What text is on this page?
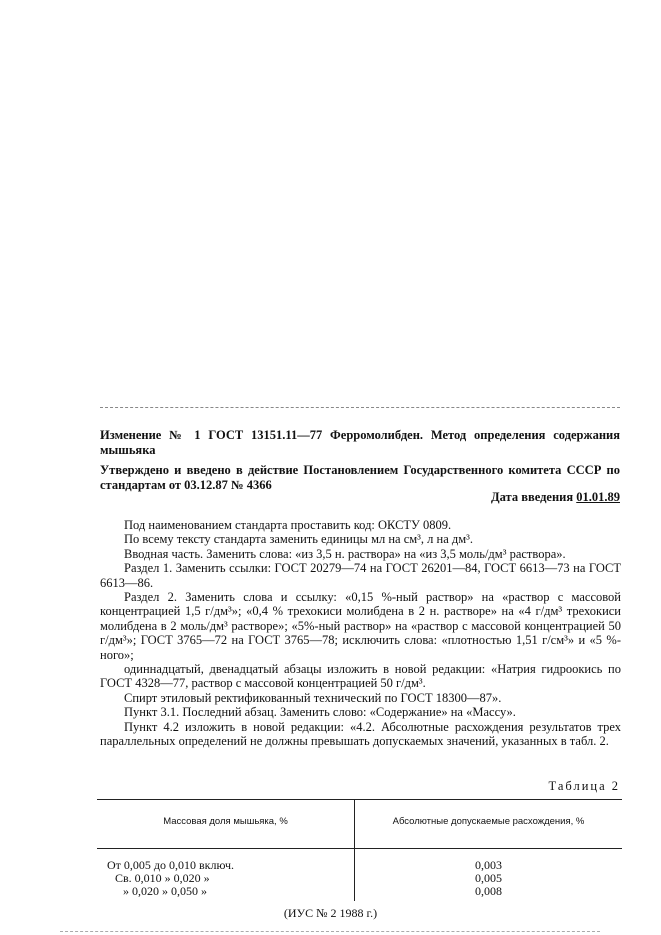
Изменение № 1 ГОСТ 13151.11—77 Ферромолибден. Метод определения содержания мышьяка
Утверждено и введено в действие Постановлением Государственного комитета СССР по стандартам от 03.12.87 № 4366
Дата введения 01.01.89

Под наименованием стандарта проставить код: ОКСТУ 0809.

По всему тексту стандарта заменить единицы мл на см³, л на дм³.

Вводная часть. Заменить слова: «из 3,5 н. раствора» на «из 3,5 моль/дм³ раствора».

Раздел 1. Заменить ссылки: ГОСТ 20279—74 на ГОСТ 26201—84, ГОСТ 6613—73 на ГОСТ 6613—86.

Раздел 2. Заменить слова и ссылку: «0,15 %-ный раствор» на «раствор с массовой концентрацией 1,5 г/дм³»; «0,4 % трехокиси молибдена в 2 н. растворе» на «4 г/дм³ трехокиси молибдена в 2 моль/дм³ растворе»; «5%-ный раствор» на «раствор с массовой концентрацией 50 г/дм³»; ГОСТ 3765—72 на ГОСТ 3765—78; исключить слова: «плотностью 1,51 г/см³» и «5 %-ного»;

одиннадцатый, двенадцатый абзацы изложить в новой редакции: «Натрия гидроокись по ГОСТ 4328—77, раствор с массовой концентрацией 50 г/дм³.

Спирт этиловый ректификованный технический по ГОСТ 18300—87».

Пункт 3.1. Последний абзац. Заменить слово: «Содержание» на «Массу».

Пункт 4.2 изложить в новой редакции: «4.2. Абсолютные расхождения результатов трех параллельных определений не должны превышать допускаемых значений, указанных в табл. 2.

Таблица 2
Массовая доля мышьяка, %	Абсолютные допускаемые расхождения, %
От 0,005 до 0,010 включ.
Св. 0,010 » 0,020 »
» 0,020 » 0,050 »
0,003
0,005
0,008
(ИУС № 2 1988 г.)
